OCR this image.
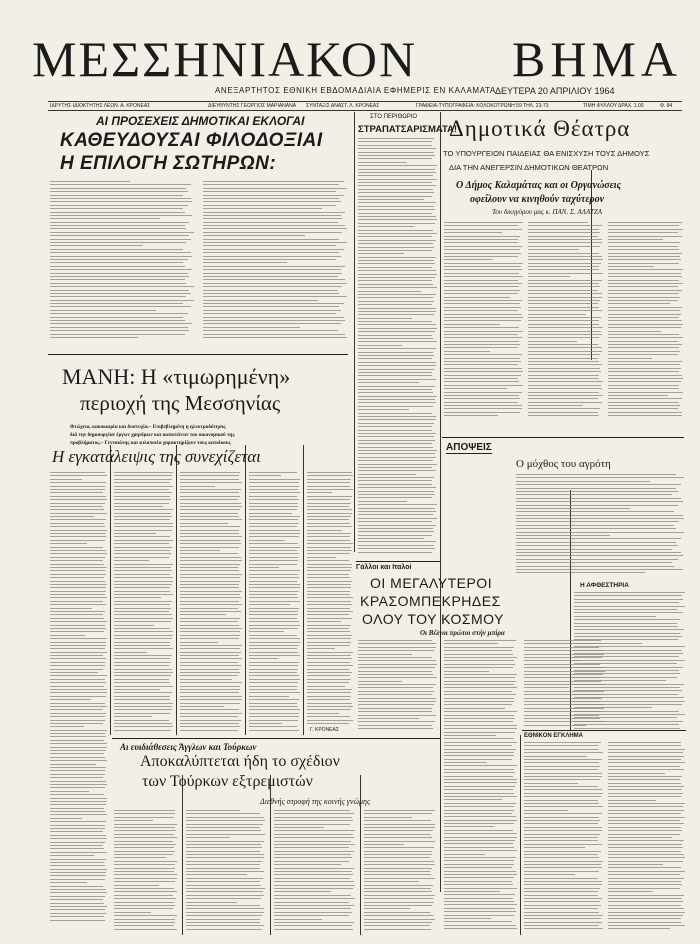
ΜΕΣΣΗΝΙΑΚΟΝ ΒΗΜΑ
ΑΝΕΞΑΡΤΗΤΟΣ ΕΘΝΙΚΗ ΕΒΔΟΜΑΔΙΑΙΑ ΕΦΗΜΕΡΙΣ ΕΝ ΚΑΛΑΜΑΤΑ ΔΕΥΤΕΡΑ 20 ΑΠΡΙΛΙΟΥ 1964
ΙΔΡΥΤΗΣ-ΙΔΙΟΚΤΗΤΗΣ ΛΕΩΝ. Α. ΚΡΟΝΕΑΣ	ΔΙΕΥΘΥΝΤΗΣ ΓΕΩΡΓΙΟΣ ΜΑΡΙΑΝΑΝΑ ΣΥΝΤΑΞΙΣ ΑΝΑΣΤ. Λ. ΚΡΟΝΕΑΣ	ΓΡΑΦΕΙΑ-ΤΥΠΟΓΡΑΦΕΙΑ: ΚΟΛΟΚΟΤΡΩΝΗ 59 ΤΗΛ. 23-73	ΤΙΜΗ ΦΥΛΛΟΥ ΔΡΑΧ. 1.00	Φ. 84
ΑΙ ΠΡΟΣΕΧΕΙΣ ΔΗΜΟΤΙΚΑΙ ΕΚΛΟΓΑΙ
ΚΑΘΕΥΔΟΥΣΑΙ ΦΙΛΟΔΟΞΙΑΙ
Η ΕΠΙΛΟΓΗ ΣΩΤΗΡΩΝ:
ΜΑΝΗ: Η «τιμωρημένη»
περιοχή της Μεσσηνίας
Φτώχεια, κακοκαιρία και δυστυχία.– Επιβεβλημένη η ηλεκτροδότησις
διά την δημιουργίαν έργων χρησίμων και ικανοτάτων του οικονομικού της
προβλήματος.– Γενναιότης και φιλοπονία χαρακτηρίζουν τους κατοίκους
Η εγκατάλειψις της συνεχίζεται
Γ. ΚΡΟΝΕΑΣ
Αι ευιδιάθεσεις Άγγλων και Τούρκων
Αποκαλύπτεται ήδη το σχέδιον
των Τούρκων εξτρεμιστών
Διεθνής στροφή της κοινής γνώμης
ΣΤΟ ΠΕΡΙΘΩΡΙΟ
ΣΤΡΑΠΑΤΣΑΡΙΣΜΑΤΑ!
Γάλλοι και Ιταλοί
ΟΙ ΜΕΓΑΛΥΤΕΡΟΙ
ΚΡΑΣΟΜΠΕΚΡΗΔΕΣ
ΟΛΟΥ ΤΟΥ ΚΟΣΜΟΥ
Οι Βέλγοι πρώτοι στήν μπίρα
Δημοτικά Θέατρα
ΤΟ ΥΠΟΥΡΓΕΙΟΝ ΠΑΙΔΕΙΑΣ ΘΑ ΕΝΙΣΧΥΣΗ ΤΟΥΣ ΔΗΜΟΥΣ
ΔΙΑ ΤΗΝ ΑΝΕΓΕΡΣΙΝ ΔΗΜΟΤΙΚΩΝ ΘΕΑΤΡΩΝ
Ο Δήμος Καλαμάτας και οι Οργανώσεις
οφείλουν να κινηθούν ταχύτερον
Του δικηγόρου μας κ. ΠΑΝ. Σ. ΑΛΑΤΖΑ
ΑΠΟΨΕΙΣ
Ο μόχθος του αγρότη
Η ΑΦΘΕΣΤΗΡΙΑ
ΕΘΝΙΚΟΝ ΕΓΚΛΗΜΑ
